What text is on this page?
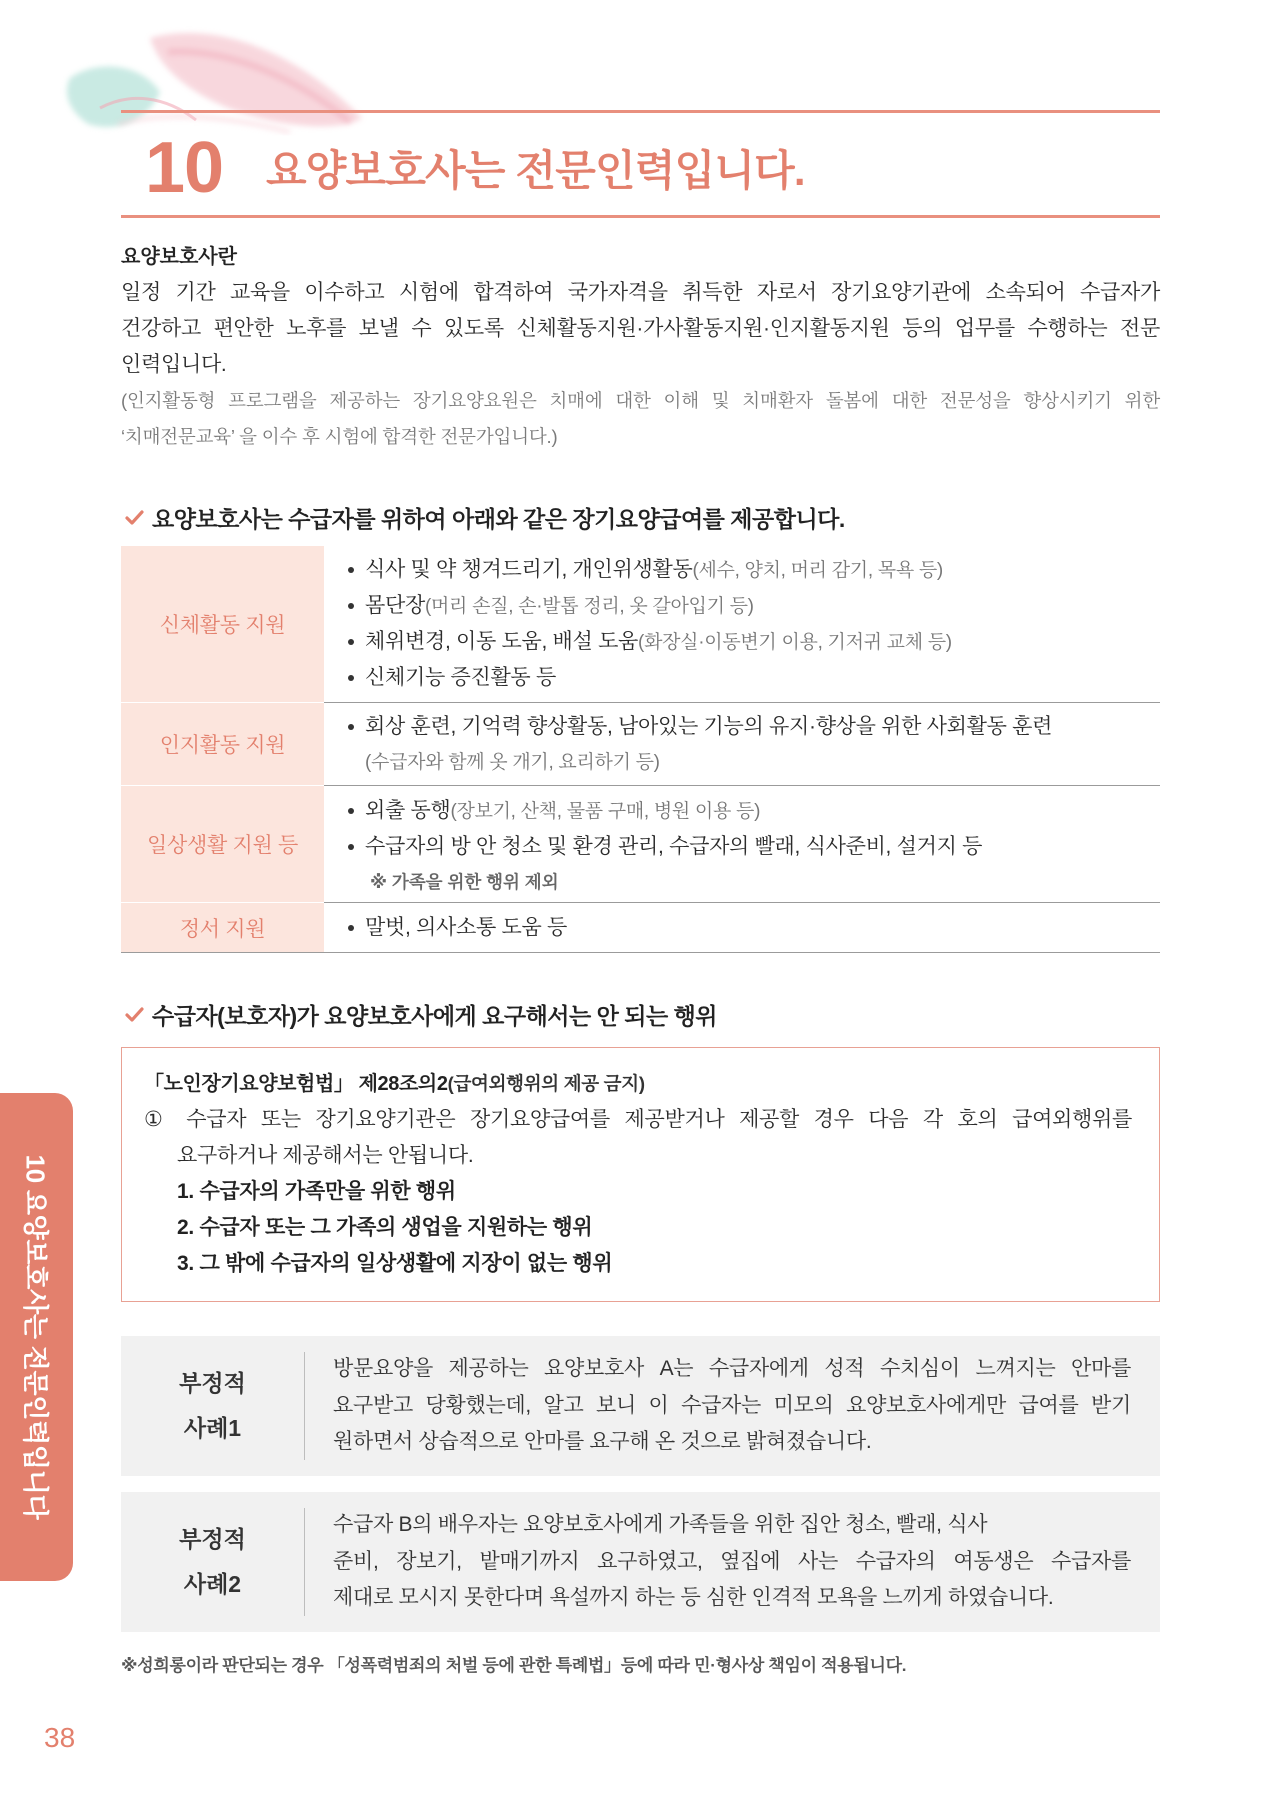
10	요양보호사는 전문인력입니다.
요양보호사란
일정 기간 교육을 이수하고 시험에 합격하여 국가자격을 취득한 자로서 장기요양기관에 소속되어 수급자가
건강하고 편안한 노후를 보낼 수 있도록 신체활동지원·가사활동지원·인지활동지원 등의 업무를 수행하는 전문
인력입니다.
(인지활동형 프로그램을 제공하는 장기요양요원은 치매에 대한 이해 및 치매환자 돌봄에 대한 전문성을 향상시키기 위한
‘치매전문교육’ 을 이수 후 시험에 합격한 전문가입니다.)
요양보호사는 수급자를 위하여 아래와 같은 장기요양급여를 제공합니다.
신체활동 지원
식사 및 약 챙겨드리기, 개인위생활동(세수, 양치, 머리 감기, 목욕 등)
몸단장(머리 손질, 손·발톱 정리, 옷 갈아입기 등)
체위변경, 이동 도움, 배설 도움(화장실·이동변기 이용, 기저귀 교체 등)
신체기능 증진활동 등
인지활동 지원
회상 훈련, 기억력 향상활동, 남아있는 기능의 유지·향상을 위한 사회활동 훈련
(수급자와 함께 옷 개기, 요리하기 등)
일상생활 지원 등
외출 동행(장보기, 산책, 물품 구매, 병원 이용 등)
수급자의 방 안 청소 및 환경 관리, 수급자의 빨래, 식사준비, 설거지 등
※ 가족을 위한 행위 제외
정서 지원	말벗, 의사소통 도움 등
수급자(보호자)가 요양보호사에게 요구해서는 안 되는 행위
「노인장기요양보험법」 제28조의2(급여외행위의 제공 금지)
① 수급자 또는 장기요양기관은 장기요양급여를 제공받거나 제공할 경우 다음 각 호의 급여외행위를
요구하거나 제공해서는 안됩니다.
1. 수급자의 가족만을 위한 행위
2. 수급자 또는 그 가족의 생업을 지원하는 행위
3. 그 밖에 수급자의 일상생활에 지장이 없는 행위
부정적
사례1
방문요양을 제공하는 요양보호사 A는 수급자에게 성적 수치심이 느껴지는 안마를
요구받고 당황했는데, 알고 보니 이 수급자는 미모의 요양보호사에게만 급여를 받기
원하면서 상습적으로 안마를 요구해 온 것으로 밝혀졌습니다.
부정적
사례2
수급자 B의 배우자는 요양보호사에게 가족들을 위한 집안 청소, 빨래, 식사
준비, 장보기, 밭매기까지 요구하였고, 옆집에 사는 수급자의 여동생은 수급자를
제대로 모시지 못한다며 욕설까지 하는 등 심한 인격적 모욕을 느끼게 하였습니다.
※성희롱이라 판단되는 경우 「성폭력범죄의 처벌 등에 관한 특례법」등에 따라 민·형사상 책임이 적용됩니다.
10 요양보호사는 전문인력입니다
38
